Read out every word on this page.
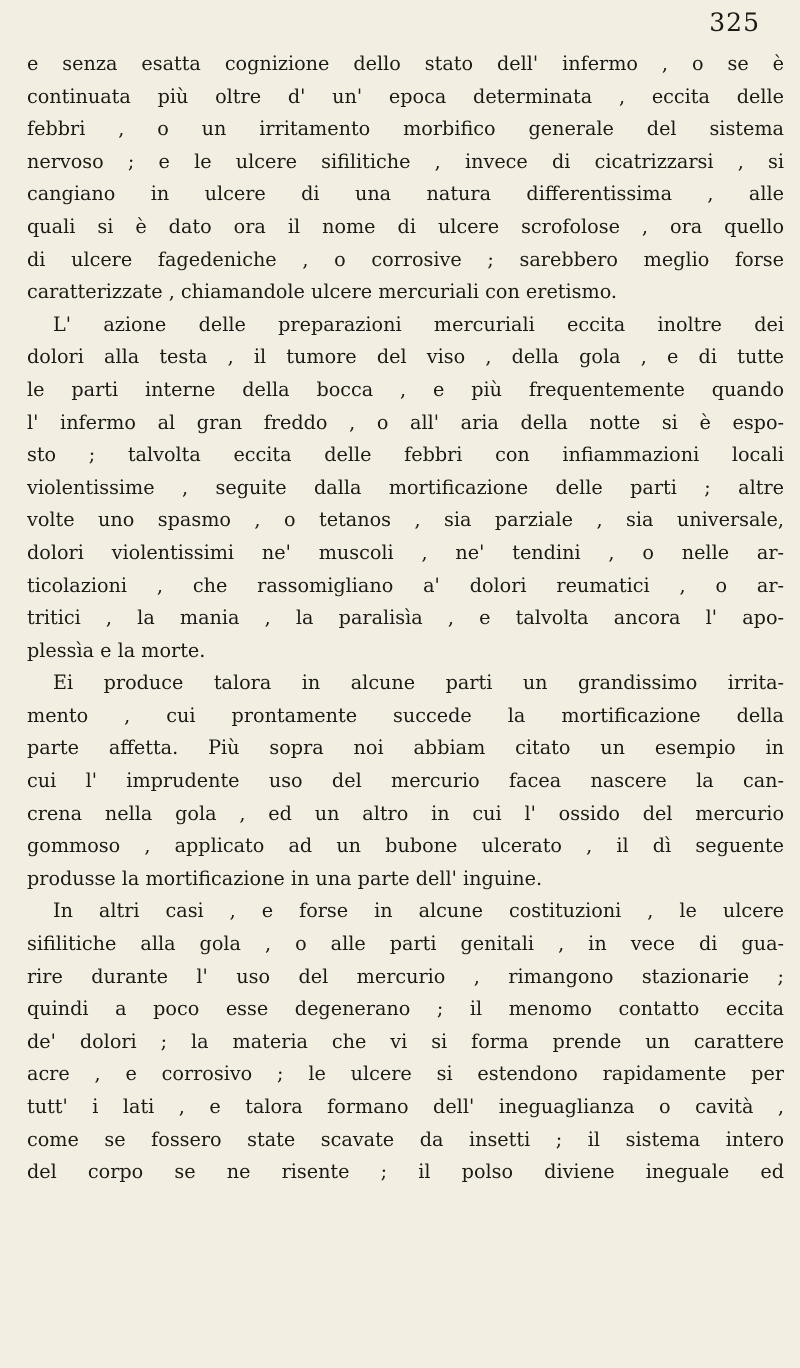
325
e senza esatta cognizione dello stato dell' infermo , o se è
continuata più oltre d' un' epoca determinata , eccita delle
febbri , o un irritamento morbifico generale del sistema
nervoso ; e le ulcere sifilitiche , invece di cicatrizzarsi , si
cangiano in ulcere di una natura differentissima , alle
quali si è dato ora il nome di ulcere scrofolose , ora quello
di ulcere fagedeniche , o corrosive ; sarebbero meglio forse
caratterizzate , chiamandole ulcere mercuriali con eretismo.
L' azione delle preparazioni mercuriali eccita inoltre dei
dolori alla testa , il tumore del viso , della gola , e di tutte
le parti interne della bocca , e più frequentemente quando
l' infermo al gran freddo , o all' aria della notte si è espo-
sto ; talvolta eccita delle febbri con infiammazioni locali
violentissime , seguite dalla mortificazione delle parti ; altre
volte uno spasmo , o tetanos , sia parziale , sia universale,
dolori violentissimi ne' muscoli , ne' tendini , o nelle ar-
ticolazioni , che rassomigliano a' dolori reumatici , o ar-
tritici , la mania , la paralisìa , e talvolta ancora l' apo-
plessìa e la morte.
Ei produce talora in alcune parti un grandissimo irrita-
mento , cui prontamente succede la mortificazione della
parte affetta. Più sopra noi abbiam citato un esempio in
cui l' imprudente uso del mercurio facea nascere la can-
crena nella gola , ed un altro in cui l' ossido del mercurio
gommoso , applicato ad un bubone ulcerato , il dì seguente
produsse la mortificazione in una parte dell' inguine.
In altri casi , e forse in alcune costituzioni , le ulcere
sifilitiche alla gola , o alle parti genitali , in vece di gua-
rire durante l' uso del mercurio , rimangono stazionarie ;
quindi a poco esse degenerano ; il menomo contatto eccita
de' dolori ; la materia che vi si forma prende un carattere
acre , e corrosivo ; le ulcere si estendono rapidamente per
tutt' i lati , e talora formano dell' ineguaglianza o cavità ,
come se fossero state scavate da insetti ; il sistema intero
del corpo se ne risente ; il polso diviene ineguale ed
